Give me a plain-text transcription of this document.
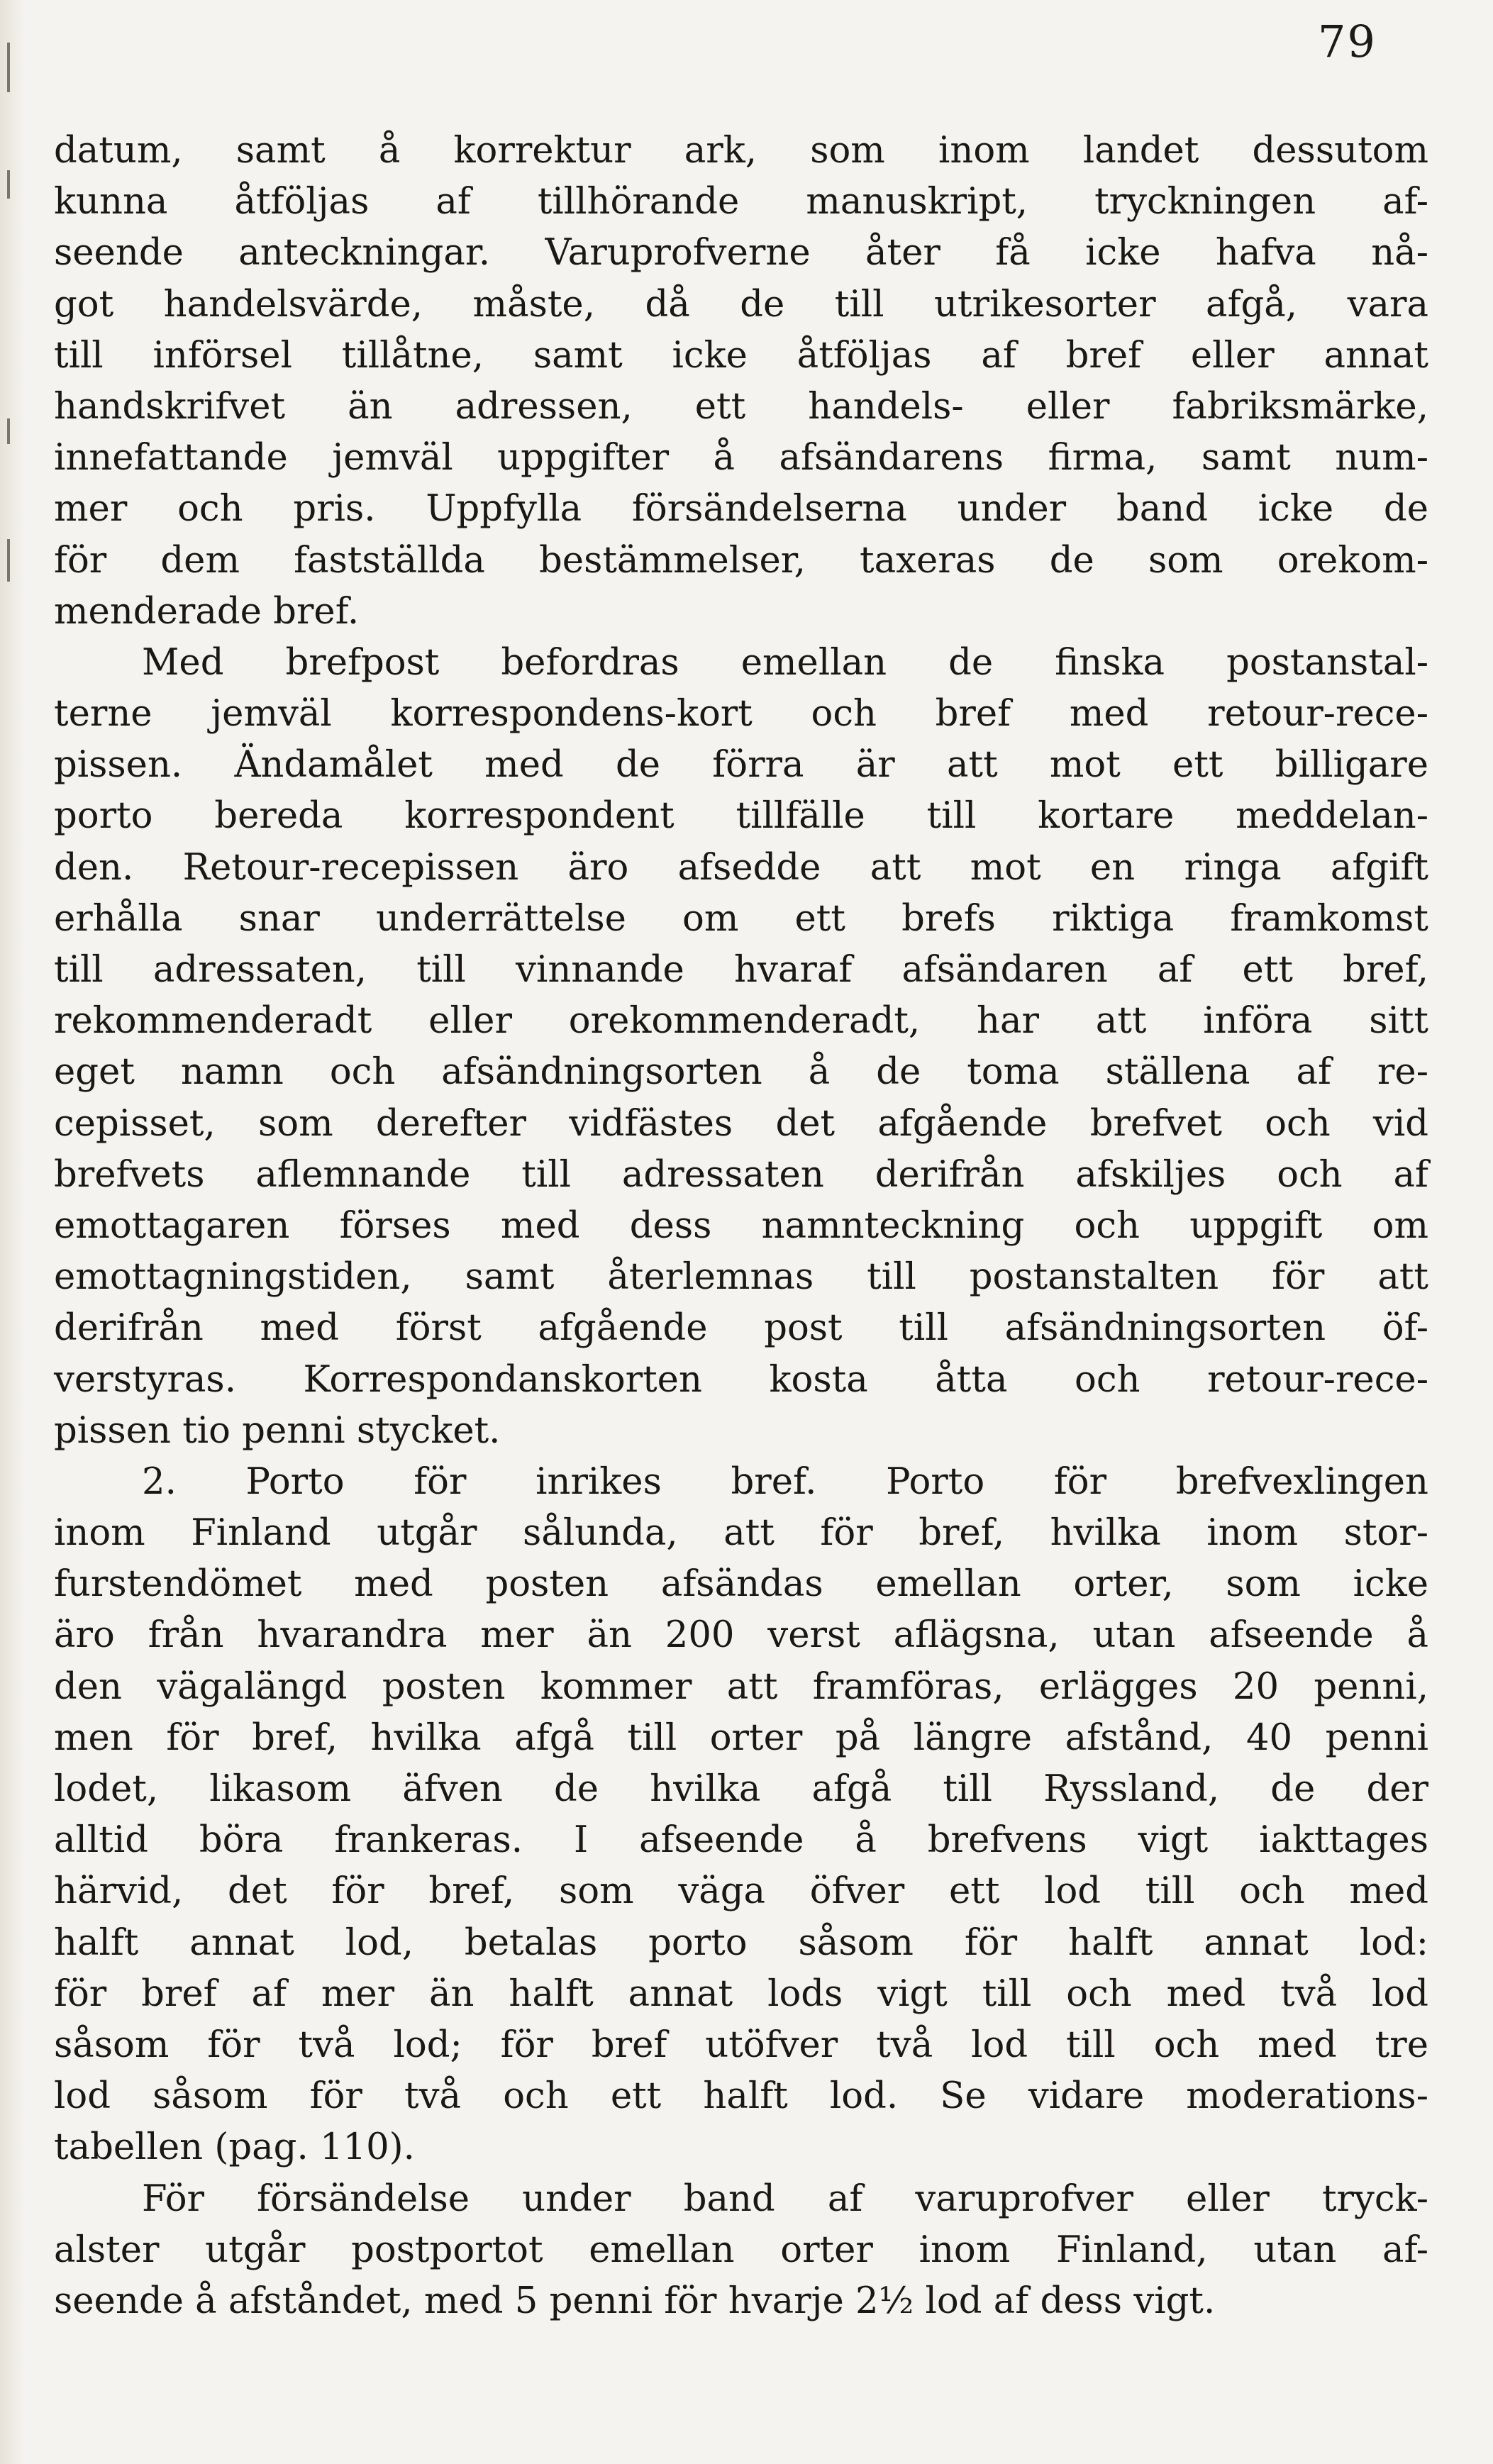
79
datum, samt å korrektur ark, som inom landet dessutom
kunna åtföljas af tillhörande manuskript, tryckningen af-
seende anteckningar. Varuprofverne åter få icke hafva nå-
got handelsvärde, måste, då de till utrikesorter afgå, vara
till införsel tillåtne, samt icke åtföljas af bref eller annat
handskrifvet än adressen, ett handels- eller fabriksmärke,
innefattande jemväl uppgifter å afsändarens firma, samt num-
mer och pris. Uppfylla försändelserna under band icke de
för dem fastställda bestämmelser, taxeras de som orekom-
menderade bref.
Med brefpost befordras emellan de finska postanstal-
terne jemväl korrespondens-kort och bref med retour-rece-
pissen. Ändamålet med de förra är att mot ett billigare
porto bereda korrespondent tillfälle till kortare meddelan-
den. Retour-recepissen äro afsedde att mot en ringa afgift
erhålla snar underrättelse om ett brefs riktiga framkomst
till adressaten, till vinnande hvaraf afsändaren af ett bref,
rekommenderadt eller orekommenderadt, har att införa sitt
eget namn och afsändningsorten å de toma ställena af re-
cepisset, som derefter vidfästes det afgående brefvet och vid
brefvets aflemnande till adressaten derifrån afskiljes och af
emottagaren förses med dess namnteckning och uppgift om
emottagningstiden, samt återlemnas till postanstalten för att
derifrån med först afgående post till afsändningsorten öf-
verstyras. Korrespondanskorten kosta åtta och retour-rece-
pissen tio penni stycket.
2. Porto för inrikes bref. Porto för brefvexlingen
inom Finland utgår sålunda, att för bref, hvilka inom stor-
furstendömet med posten afsändas emellan orter, som icke
äro från hvarandra mer än 200 verst aflägsna, utan afseende å
den vägalängd posten kommer att framföras, erlägges 20 penni,
men för bref, hvilka afgå till orter på längre afstånd, 40 penni
lodet, likasom äfven de hvilka afgå till Ryssland, de der
alltid böra frankeras. I afseende å brefvens vigt iakttages
härvid, det för bref, som väga öfver ett lod till och med
halft annat lod, betalas porto såsom för halft annat lod:
för bref af mer än halft annat lods vigt till och med två lod
såsom för två lod; för bref utöfver två lod till och med tre
lod såsom för två och ett halft lod. Se vidare moderations-
tabellen (pag. 110).
För försändelse under band af varuprofver eller tryck-
alster utgår postportot emellan orter inom Finland, utan af-
seende å afståndet, med 5 penni för hvarje 2½ lod af dess vigt.
